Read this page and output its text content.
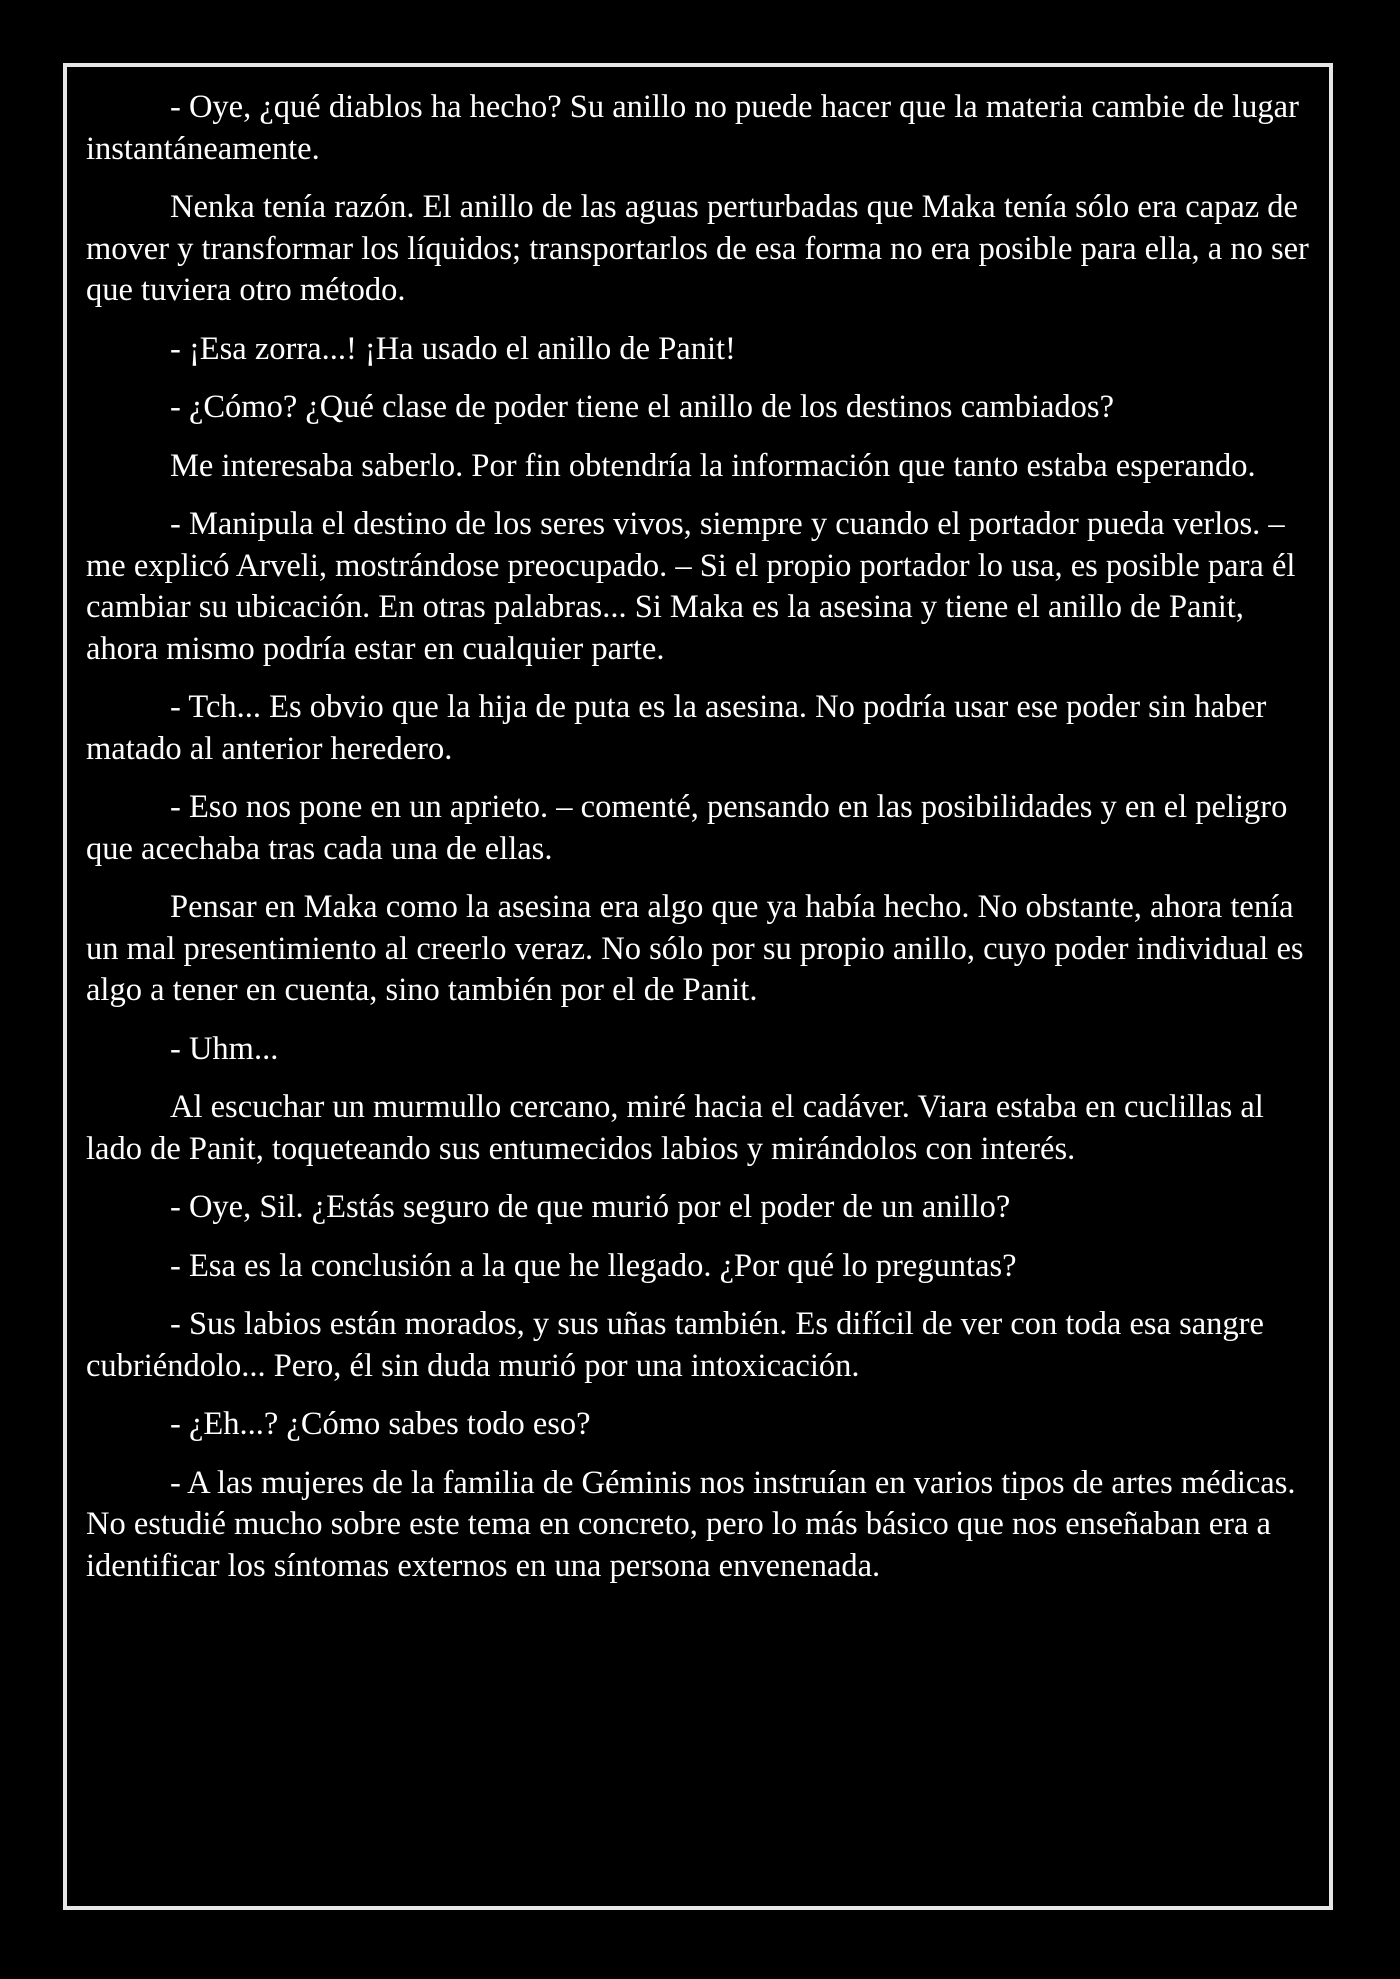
- Oye, ¿qué diablos ha hecho? Su anillo no puede hacer que la materia cambie de lugar instantáneamente.

Nenka tenía razón. El anillo de las aguas perturbadas que Maka tenía sólo era capaz de mover y transformar los líquidos; transportarlos de esa forma no era posible para ella, a no ser que tuviera otro método.

- ¡Esa zorra...! ¡Ha usado el anillo de Panit!

- ¿Cómo? ¿Qué clase de poder tiene el anillo de los destinos cambiados?

Me interesaba saberlo. Por fin obtendría la información que tanto estaba esperando.

- Manipula el destino de los seres vivos, siempre y cuando el portador pueda verlos. – me explicó Arveli, mostrándose preocupado. – Si el propio portador lo usa, es posible para él cambiar su ubicación. En otras palabras... Si Maka es la asesina y tiene el anillo de Panit, ahora mismo podría estar en cualquier parte.

- Tch... Es obvio que la hija de puta es la asesina. No podría usar ese poder sin haber matado al anterior heredero.

- Eso nos pone en un aprieto. – comenté, pensando en las posibilidades y en el peligro que acechaba tras cada una de ellas.

Pensar en Maka como la asesina era algo que ya había hecho. No obstante, ahora tenía un mal presentimiento al creerlo veraz. No sólo por su propio anillo, cuyo poder individual es algo a tener en cuenta, sino también por el de Panit.

- Uhm...

Al escuchar un murmullo cercano, miré hacia el cadáver. Viara estaba en cuclillas al lado de Panit, toqueteando sus entumecidos labios y mirándolos con interés.

- Oye, Sil. ¿Estás seguro de que murió por el poder de un anillo?

- Esa es la conclusión a la que he llegado. ¿Por qué lo preguntas?

- Sus labios están morados, y sus uñas también. Es difícil de ver con toda esa sangre cubriéndolo... Pero, él sin duda murió por una intoxicación.

- ¿Eh...? ¿Cómo sabes todo eso?

- A las mujeres de la familia de Géminis nos instruían en varios tipos de artes médicas. No estudié mucho sobre este tema en concreto, pero lo más básico que nos enseñaban era a identificar los síntomas externos en una persona envenenada.
